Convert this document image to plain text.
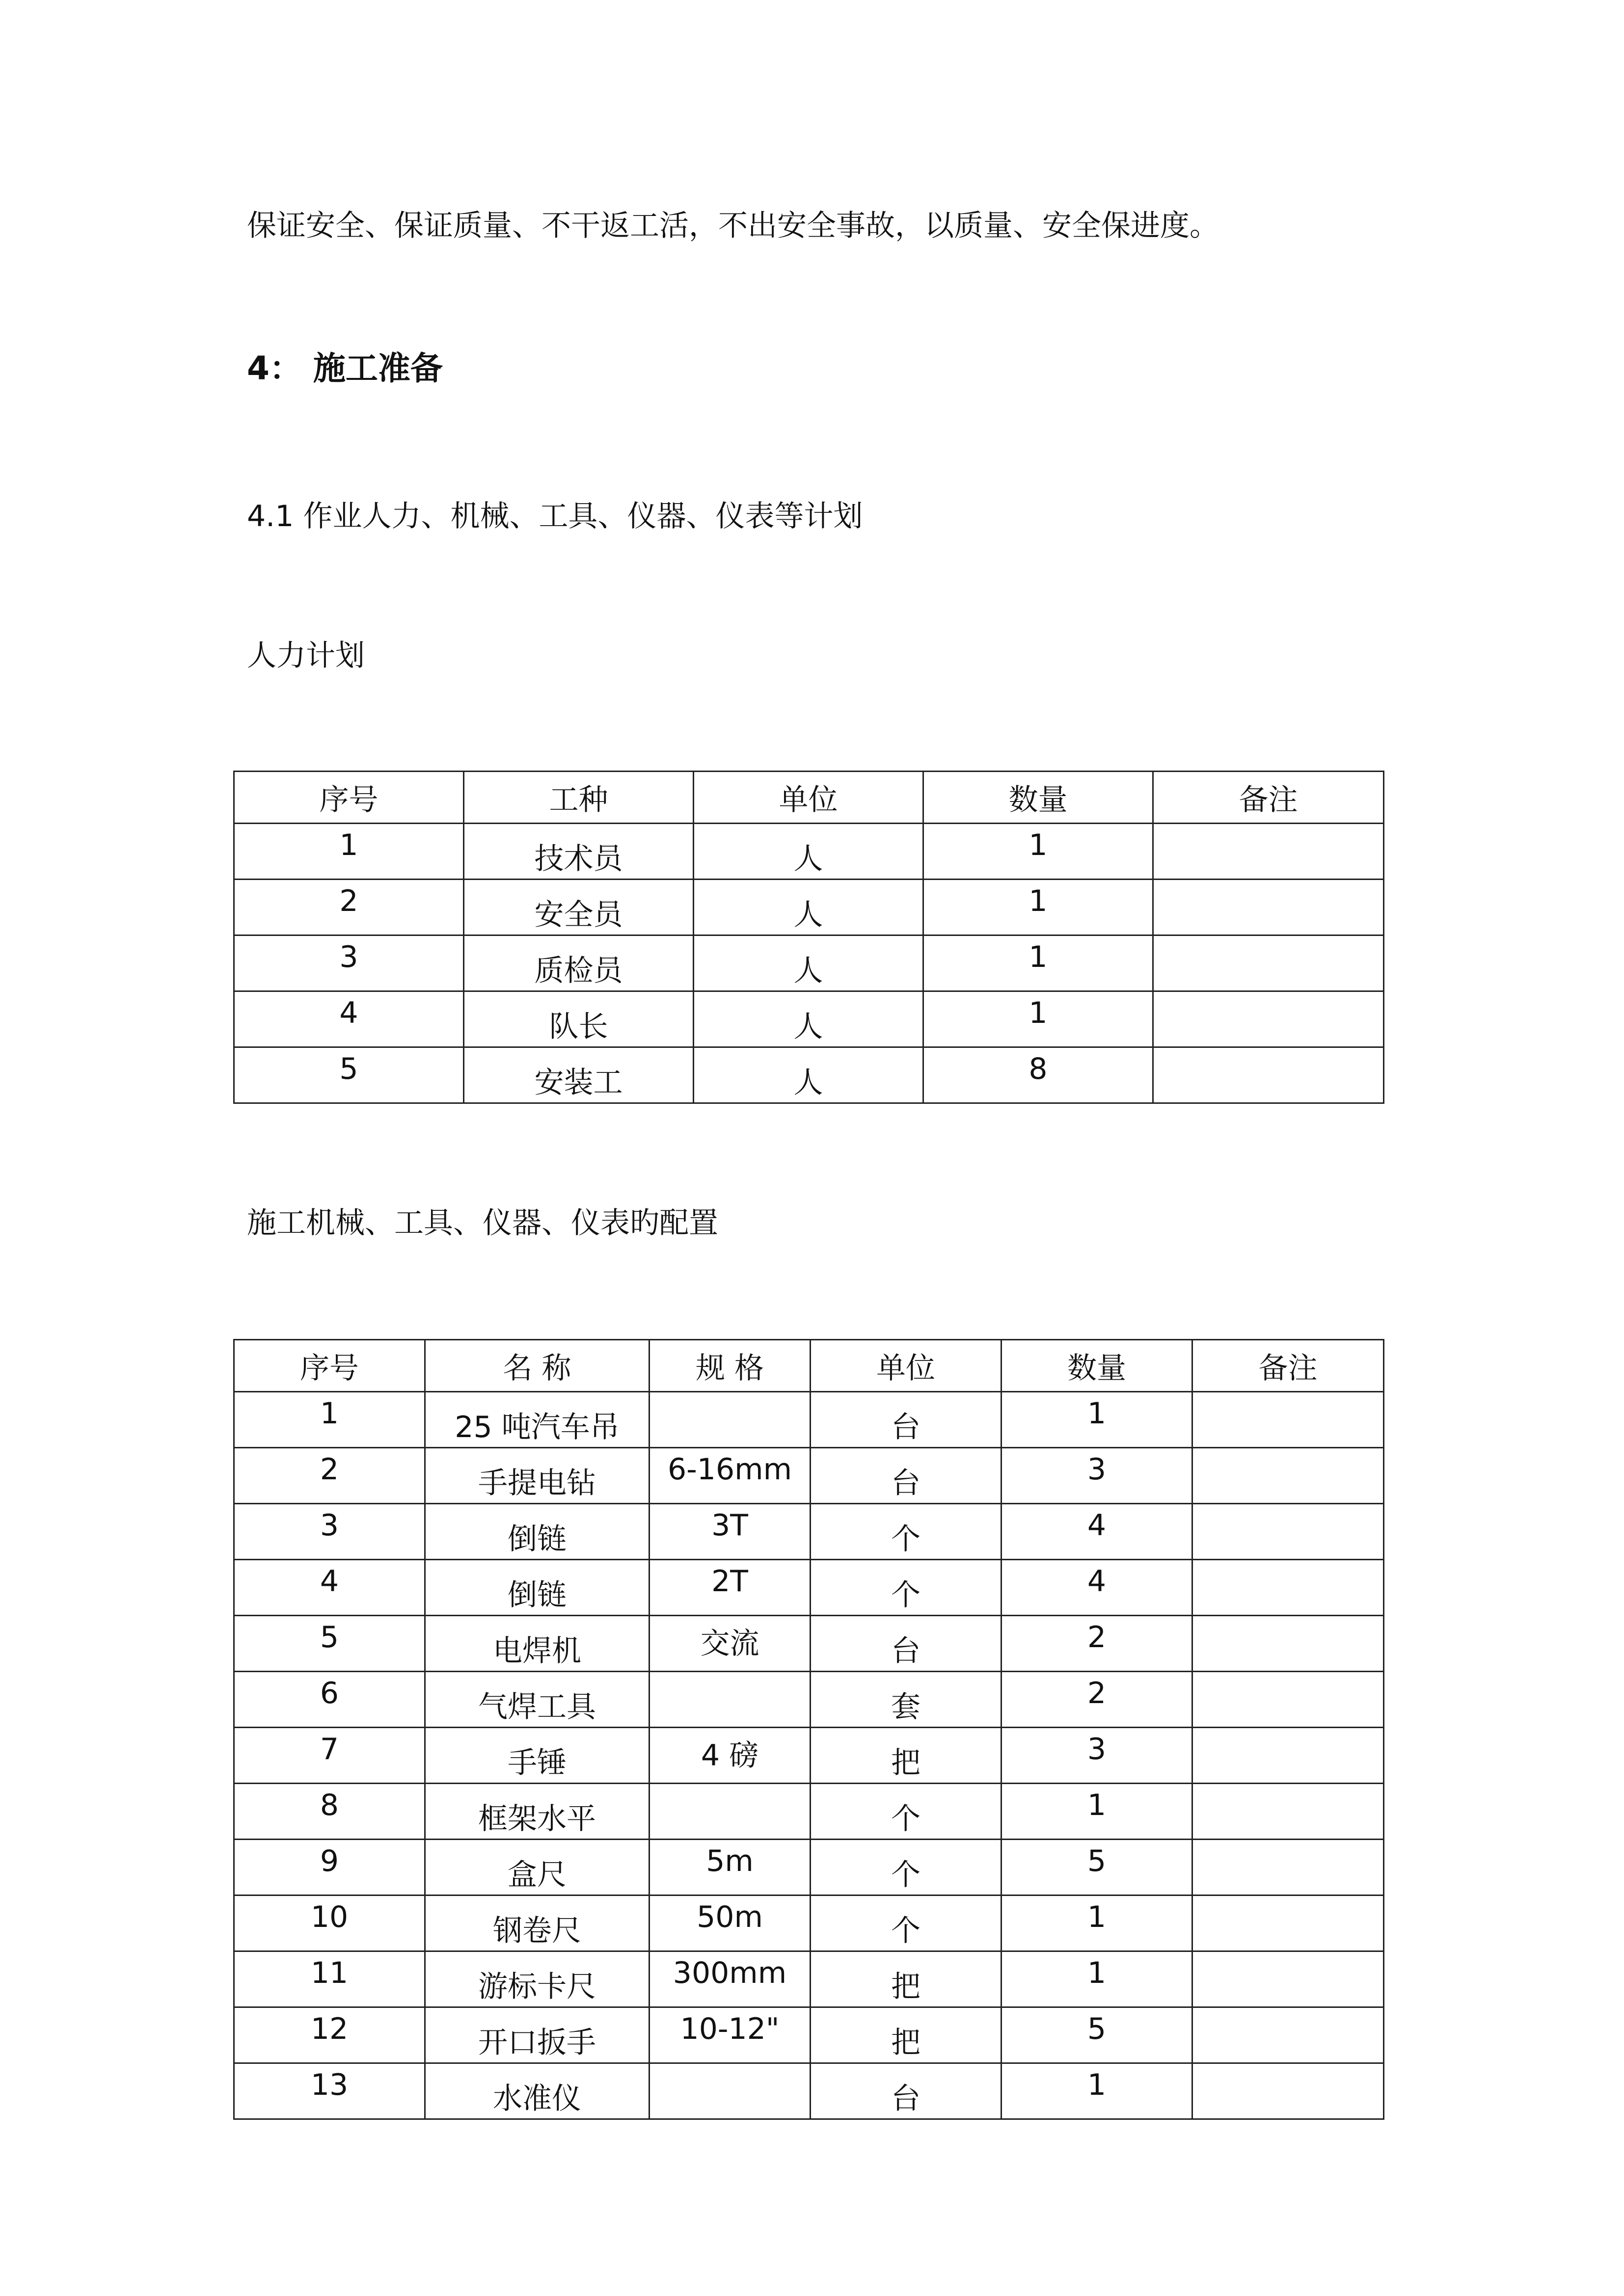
保证安全、保证质量、不干返工活，不出安全事故，以质量、安全保进度。
4： 施工准备
4.1 作业人力、机械、工具、仪器、仪表等计划
人力计划
序号	工种	单位	数量	备注
1	技术员	人	1	
2	安全员	人	1	
3	质检员	人	1	
4	队长	人	1	
5	安装工	人	8	
施工机械、工具、仪器、仪表旳配置
序号	名 称	规 格	单位	数量	备注
1	25 吨汽车吊		台	1	
2	手提电钻	6-16mm	台	3	
3	倒链	3T	个	4	
4	倒链	2T	个	4	
5	电焊机	交流	台	2	
6	气焊工具		套	2	
7	手锤	4 磅	把	3	
8	框架水平		个	1	
9	盒尺	5m	个	5	
10	钢卷尺	50m	个	1	
11	游标卡尺	300mm	把	1	
12	开口扳手	10-12"	把	5	
13	水准仪		台	1	
